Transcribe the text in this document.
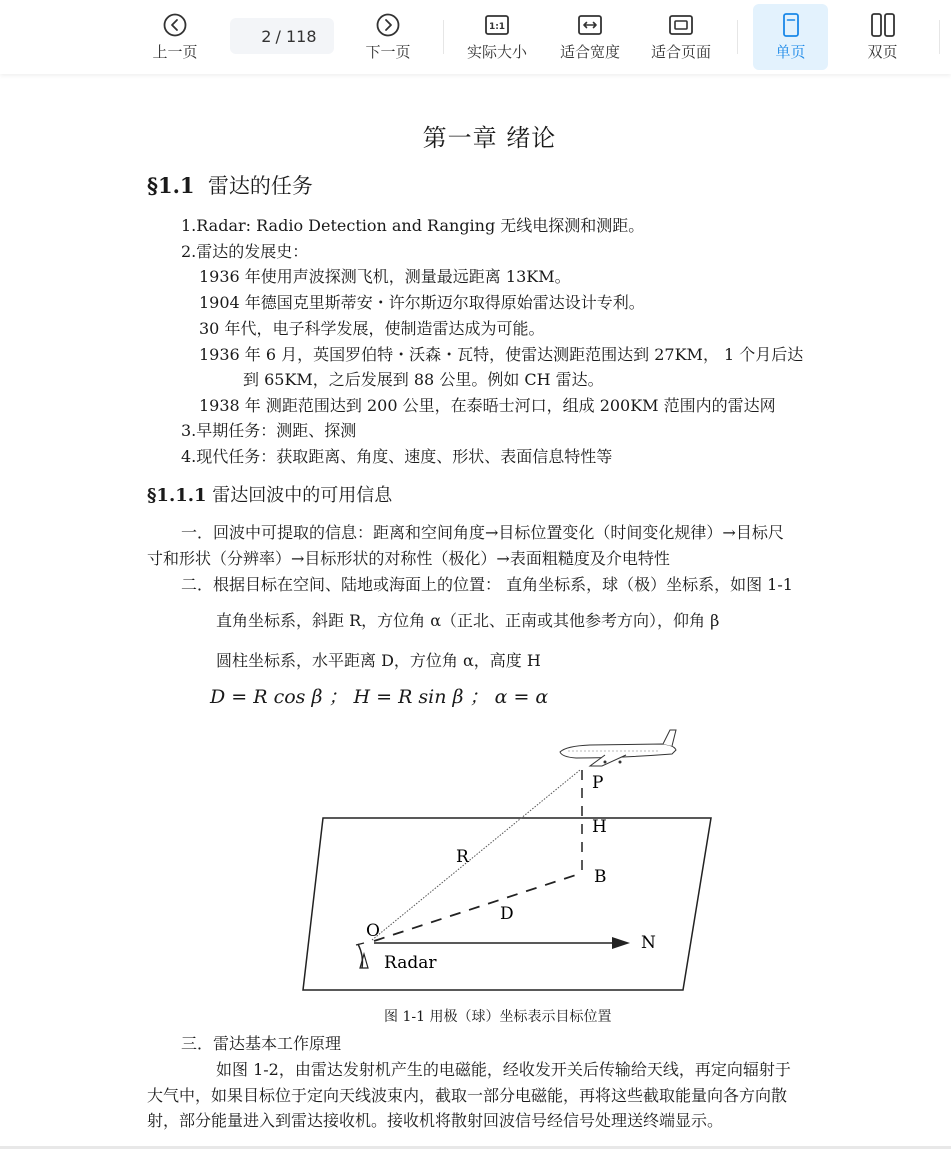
上一页
2
/ 118
下一页
1:1
实际大小 适合宽度 适合页面	单页	双页
第一章 绪论
§1.1 雷达的任务
1.Radar: Radio Detection and Ranging 无线电探测和测距。
2.雷达的发展史：
1936 年使用声波探测飞机，测量最远距离 13KM。
1904 年德国克里斯蒂安・许尔斯迈尔取得原始雷达设计专利。
30 年代，电子科学发展，使制造雷达成为可能。
1936 年 6 月，英国罗伯特・沃森・瓦特，使雷达测距范围达到 27KM， 1 个月后达
到 65KM，之后发展到 88 公里。例如 CH 雷达。
1938 年 测距范围达到 200 公里，在泰晤士河口，组成 200KM 范围内的雷达网
3.早期任务：测距、探测
4.现代任务：获取距离、角度、速度、形状、表面信息特性等
§1.1.1 雷达回波中的可用信息
一．回波中可提取的信息：距离和空间角度→目标位置变化（时间变化规律）→目标尺
寸和形状（分辨率）→目标形状的对称性（极化）→表面粗糙度及介电特性
二．根据目标在空间、陆地或海面上的位置： 直角坐标系，球（极）坐标系，如图 1-1
直角坐标系，斜距 R，方位角 α（正北、正南或其他参考方向），仰角 β
圆柱坐标系，水平距离 D，方位角 α，高度 H
D = R cos β ； H = R sin β ； α = α
P
H
R
B
D
O
N
Radar
图 1-1 用极（球）坐标表示目标位置
三．雷达基本工作原理
如图 1-2，由雷达发射机产生的电磁能，经收发开关后传输给天线，再定向辐射于
大气中，如果目标位于定向天线波束内，截取一部分电磁能，再将这些截取能量向各方向散
射，部分能量进入到雷达接收机。接收机将散射回波信号经信号处理送终端显示。
